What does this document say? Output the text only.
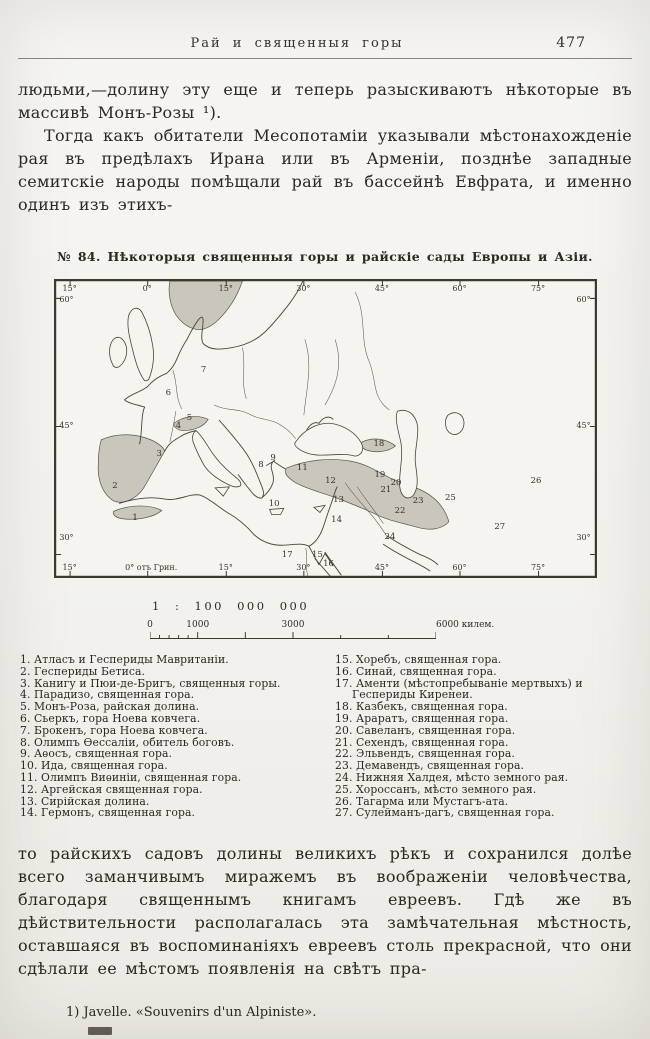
Рай и священныя горы	477

людьми,—долину эту еще и теперь разыскиваютъ нѣкоторые въ массивѣ Монъ-Розы ¹).

Тогда какъ обитатели Месопотаміи указывали мѣстонахожденіе рая въ предѣлахъ Ирана или въ Арменіи, позднѣе западные семитскіе народы помѣщали рай въ бассейнѣ Евфрата, и именно одинъ изъ этихъ-

№ 84. Нѣкоторыя священныя горы и райскіе сады Европы и Азіи.
15°	0°	15°	30°	45°	60°	75°
15°	0° отъ Грин.	15°	30°	45°	60°	75°
60°
45°
30°
60°
45°
30°
1
2
3
4
5
6
7
8
9
10
11
12
13
14
15
16
17
18
19
20
21
22
23
24
25
26
27
1 : 100 000 000
0	1000	3000	6000 килем.
1. Атласъ и Геспериды Мавританіи.
2. Геспериды Бетиса.
3. Канигу и Пюи-де-Бригъ, священныя горы.
4. Парадизо, священная гора.
5. Монъ-Роза, райская долина.
6. Сьеркъ, гора Ноева ковчега.
7. Брокенъ, гора Ноева ковчега.
8. Олимпъ Ѳессаліи, обитель боговъ.
9. Аѳосъ, священная гора.
10. Ида, священная гора.
11. Олимпъ Виѳиніи, священная гора.
12. Аргейская священная гора.
13. Сирійская долина.
14. Гермонъ, священная гора.
15. Хоребъ, священная гора.
16. Синай, священная гора.
17. Аменти (мѣстопребываніе мертвыхъ) и Геспериды Киренеи.
18. Казбекъ, священная гора.
19. Араратъ, священная гора.
20. Савеланъ, священная гора.
21. Сехендъ, священная гора.
22. Эльвендъ, священная гора.
23. Демавендъ, священная гора.
24. Нижняя Халдея, мѣсто земного рая.
25. Хороссанъ, мѣсто земного рая.
26. Тагарма или Мустагъ-ата.
27. Сулейманъ-дагъ, священная гора.

то райскихъ садовъ долины великихъ рѣкъ и сохранился долѣе всего заманчивымъ миражемъ въ воображеніи человѣчества, благодаря священнымъ книгамъ евреевъ. Гдѣ же въ дѣйствительности располагалась эта замѣчательная мѣстность, оставшаяся въ воспоминаніяхъ евреевъ столь прекрасной, что они сдѣлали ее мѣстомъ появленія на свѣтъ пра-

1) Javelle. «Souvenirs d'un Alpiniste».
